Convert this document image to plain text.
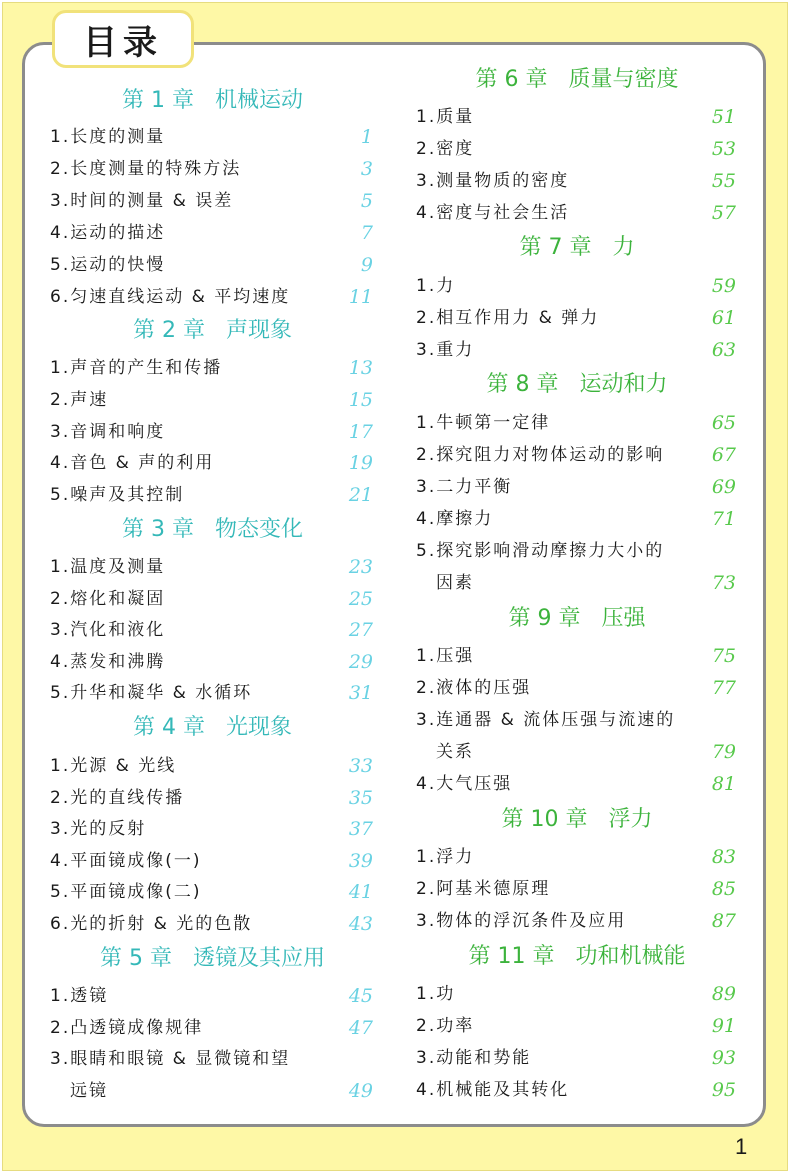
目录
第 1 章   机械运动
1.长度的测量	1
2.长度测量的特殊方法	3
3.时间的测量 & 误差	5
4.运动的描述	7
5.运动的快慢	9
6.匀速直线运动 & 平均速度	11
第 2 章   声现象
1.声音的产生和传播	13
2.声速	15
3.音调和响度	17
4.音色 & 声的利用	19
5.噪声及其控制	21
第 3 章   物态变化
1.温度及测量	23
2.熔化和凝固	25
3.汽化和液化	27
4.蒸发和沸腾	29
5.升华和凝华 & 水循环	31
第 4 章   光现象
1.光源 & 光线	33
2.光的直线传播	35
3.光的反射	37
4.平面镜成像(一)	39
5.平面镜成像(二)	41
6.光的折射 & 光的色散	43
第 5 章   透镜及其应用
1.透镜	45
2.凸透镜成像规律	47
3.眼睛和眼镜 & 显微镜和望
远镜	49
第 6 章   质量与密度
1.质量	51
2.密度	53
3.测量物质的密度	55
4.密度与社会生活	57
第 7 章   力
1.力	59
2.相互作用力 & 弹力	61
3.重力	63
第 8 章   运动和力
1.牛顿第一定律	65
2.探究阻力对物体运动的影响	67
3.二力平衡	69
4.摩擦力	71
5.探究影响滑动摩擦力大小的
因素	73
第 9 章   压强
1.压强	75
2.液体的压强	77
3.连通器 & 流体压强与流速的
关系	79
4.大气压强	81
第 10 章   浮力
1.浮力	83
2.阿基米德原理	85
3.物体的浮沉条件及应用	87
第 11 章   功和机械能
1.功	89
2.功率	91
3.动能和势能	93
4.机械能及其转化	95
1
